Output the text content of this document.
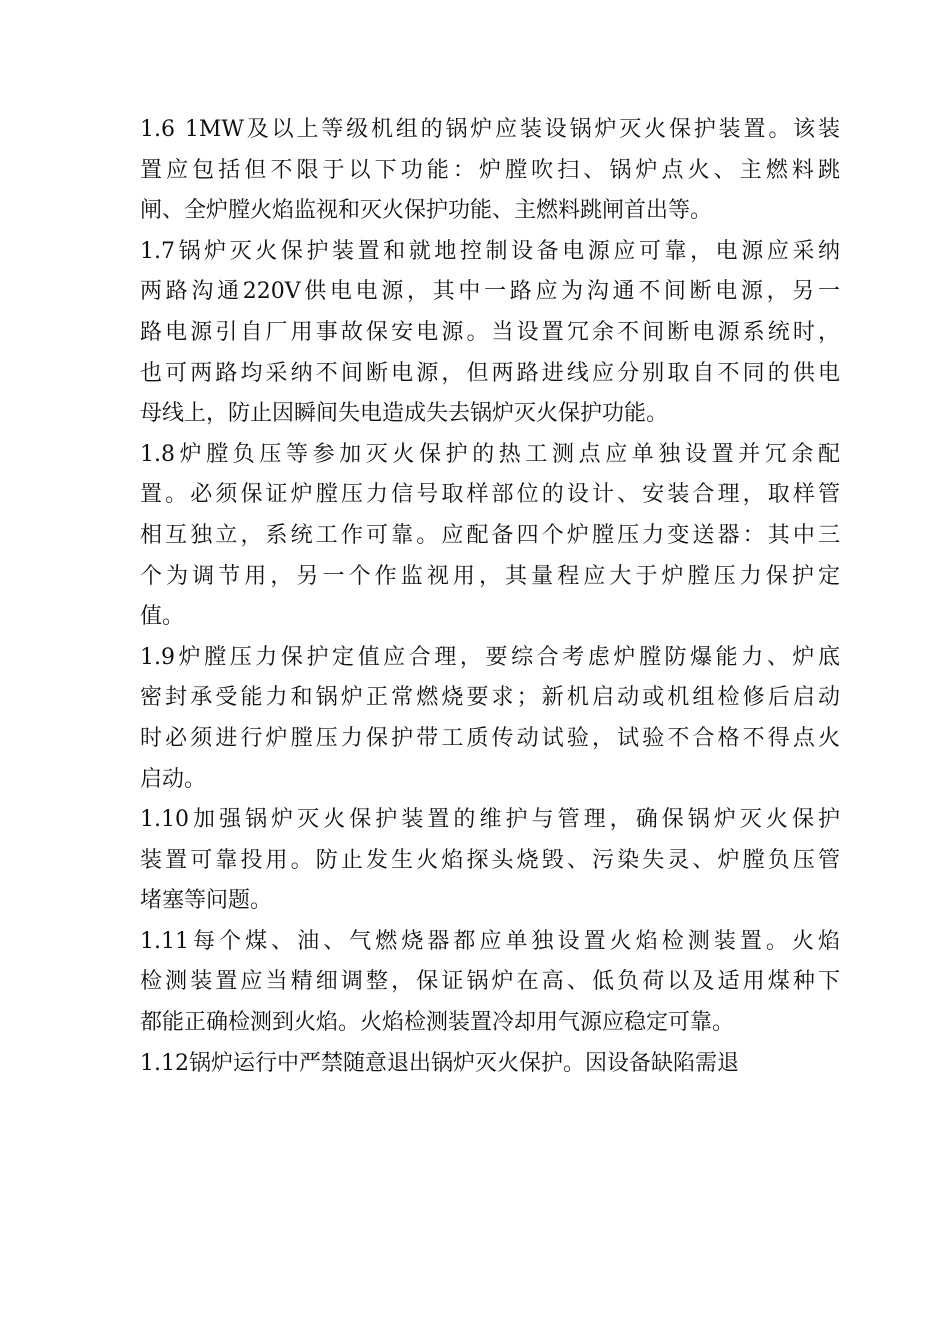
1.6 1MW及以上等级机组的锅炉应装设锅炉灭火保护装置。该装
置应包括但不限于以下功能：炉膛吹扫、锅炉点火、主燃料跳
闸、全炉膛火焰监视和灭火保护功能、主燃料跳闸首出等。
1.7锅炉灭火保护装置和就地控制设备电源应可靠，电源应采纳
两路沟通220V供电电源，其中一路应为沟通不间断电源，另一
路电源引自厂用事故保安电源。当设置冗余不间断电源系统时，
也可两路均采纳不间断电源，但两路进线应分别取自不同的供电
母线上，防止因瞬间失电造成失去锅炉灭火保护功能。
1.8炉膛负压等参加灭火保护的热工测点应单独设置并冗余配
置。必须保证炉膛压力信号取样部位的设计、安装合理，取样管
相互独立，系统工作可靠。应配备四个炉膛压力变送器：其中三
个为调节用，另一个作监视用，其量程应大于炉膛压力保护定
值。
1.9炉膛压力保护定值应合理，要综合考虑炉膛防爆能力、炉底
密封承受能力和锅炉正常燃烧要求；新机启动或机组检修后启动
时必须进行炉膛压力保护带工质传动试验，试验不合格不得点火
启动。
1.10加强锅炉灭火保护装置的维护与管理，确保锅炉灭火保护
装置可靠投用。防止发生火焰探头烧毁、污染失灵、炉膛负压管
堵塞等问题。
1.11每个煤、油、气燃烧器都应单独设置火焰检测装置。火焰
检测装置应当精细调整，保证锅炉在高、低负荷以及适用煤种下
都能正确检测到火焰。火焰检测装置冷却用气源应稳定可靠。
1.12锅炉运行中严禁随意退出锅炉灭火保护。因设备缺陷需退
